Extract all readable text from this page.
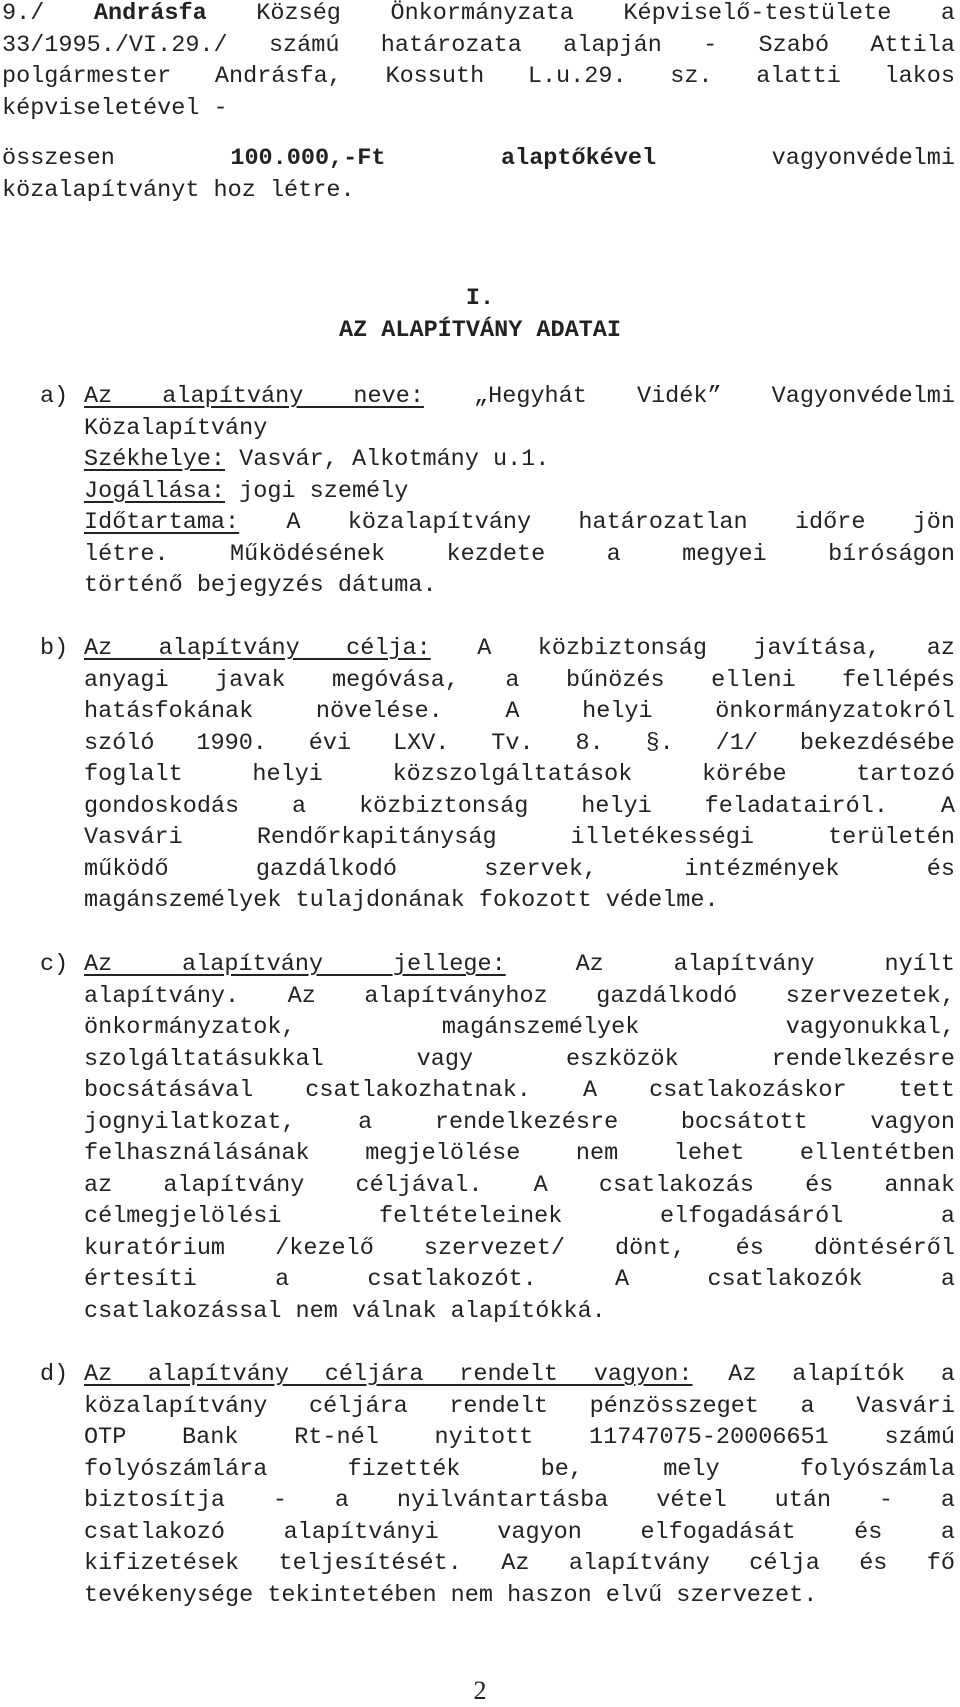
9./ Andrásfa Község Önkormányzata Képviselő-testülete a
33/1995./VI.29./ számú határozata alapján - Szabó Attila
polgármester Andrásfa, Kossuth L.u.29. sz. alatti lakos
képviseletével -
összesen	100.000,-Ft	alaptőkével	vagyonvédelmi
közalapítványt hoz létre.
I.
AZ ALAPÍTVÁNY ADATAI
a) Az alapítvány neve: „Hegyhát Vidék” Vagyonvédelmi
Közalapítvány
Székhelye: Vasvár, Alkotmány u.1.
Jogállása: jogi személy
Időtartama: A közalapítvány határozatlan időre jön
létre. Működésének kezdete a megyei bíróságon
történő bejegyzés dátuma.
b) Az alapítvány célja: A közbiztonság javítása, az
anyagi javak megóvása, a bűnözés elleni fellépés
hatásfokának növelése. A helyi önkormányzatokról
szóló 1990. évi LXV. Tv. 8. §. /1/ bekezdésébe
foglalt helyi közszolgáltatások körébe tartozó
gondoskodás a közbiztonság helyi feladatairól. A
Vasvári Rendőrkapitányság illetékességi területén
működő gazdálkodó szervek, intézmények és
magánszemélyek tulajdonának fokozott védelme.
c) Az alapítvány jellege:	Az alapítvány nyílt
alapítvány. Az alapítványhoz gazdálkodó szervezetek,
önkormányzatok, magánszemélyek vagyonukkal,
szolgáltatásukkal vagy eszközök rendelkezésre
bocsátásával csatlakozhatnak. A csatlakozáskor tett
jognyilatkozat, a rendelkezésre bocsátott vagyon
felhasználásának megjelölése nem lehet ellentétben
az alapítvány céljával. A csatlakozás és annak
célmegjelölési feltételeinek elfogadásáról a
kuratórium /kezelő szervezet/ dönt, és döntéséről
értesíti a csatlakozót. A csatlakozók a
csatlakozással nem válnak alapítókká.
d) Az alapítvány céljára rendelt vagyon: Az alapítók a
közalapítvány céljára rendelt pénzösszeget a Vasvári
OTP Bank Rt-nél nyitott 11747075-20006651 számú
folyószámlára fizették be, mely folyószámla
biztosítja - a nyilvántartásba vétel után - a
csatlakozó alapítványi vagyon elfogadását és a
kifizetések teljesítését. Az alapítvány célja és fő
tevékenysége tekintetében nem haszon elvű szervezet.
2
